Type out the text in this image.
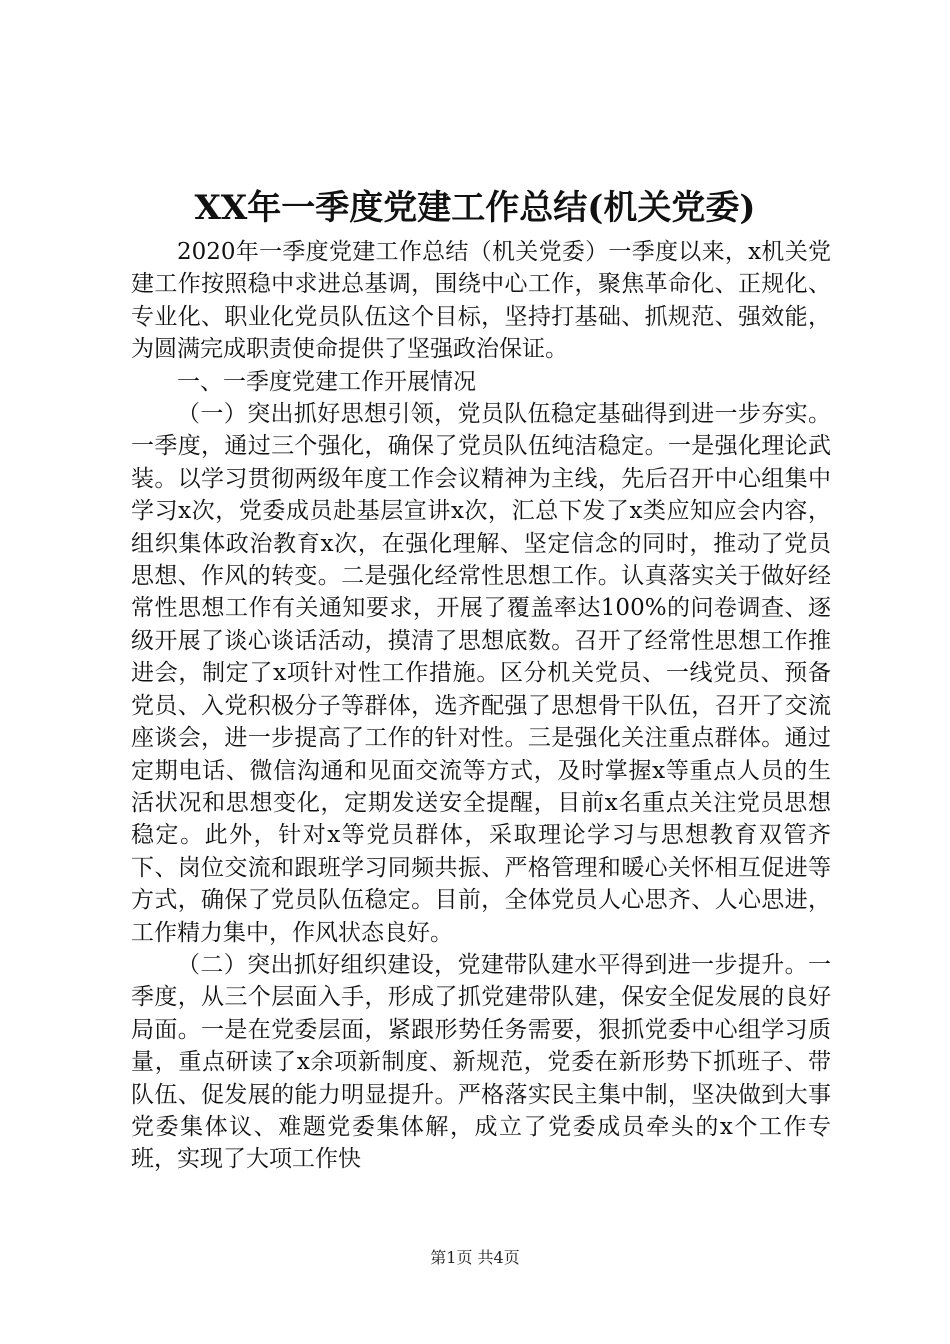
XX年一季度党建工作总结(机关党委)

2020年一季度党建工作总结（机关党委）一季度以来，x机关党建工作按照稳中求进总基调，围绕中心工作，聚焦革命化、正规化、专业化、职业化党员队伍这个目标，坚持打基础、抓规范、强效能，为圆满完成职责使命提供了坚强政治保证。

一、一季度党建工作开展情况

（一）突出抓好思想引领，党员队伍稳定基础得到进一步夯实。一季度，通过三个强化，确保了党员队伍纯洁稳定。一是强化理论武装。以学习贯彻两级年度工作会议精神为主线，先后召开中心组集中学习x次，党委成员赴基层宣讲x次，汇总下发了x类应知应会内容，组织集体政治教育x次，在强化理解、坚定信念的同时，推动了党员思想、作风的转变。二是强化经常性思想工作。认真落实关于做好经常性思想工作有关通知要求，开展了覆盖率达100%的问卷调查、逐级开展了谈心谈话活动，摸清了思想底数。召开了经常性思想工作推进会，制定了x项针对性工作措施。区分机关党员、一线党员、预备党员、入党积极分子等群体，选齐配强了思想骨干队伍，召开了交流座谈会，进一步提高了工作的针对性。三是强化关注重点群体。通过定期电话、微信沟通和见面交流等方式，及时掌握x等重点人员的生活状况和思想变化，定期发送安全提醒，目前x名重点关注党员思想稳定。此外，针对x等党员群体，采取理论学习与思想教育双管齐下、岗位交流和跟班学习同频共振、严格管理和暖心关怀相互促进等方式，确保了党员队伍稳定。目前，全体党员人心思齐、人心思进，工作精力集中，作风状态良好。

（二）突出抓好组织建设，党建带队建水平得到进一步提升。一季度，从三个层面入手，形成了抓党建带队建，保安全促发展的良好局面。一是在党委层面，紧跟形势任务需要，狠抓党委中心组学习质量，重点研读了x余项新制度、新规范，党委在新形势下抓班子、带队伍、促发展的能力明显提升。严格落实民主集中制，坚决做到大事党委集体议、难题党委集体解，成立了党委成员牵头的x个工作专班，实现了大项工作快

第1页 共4页
